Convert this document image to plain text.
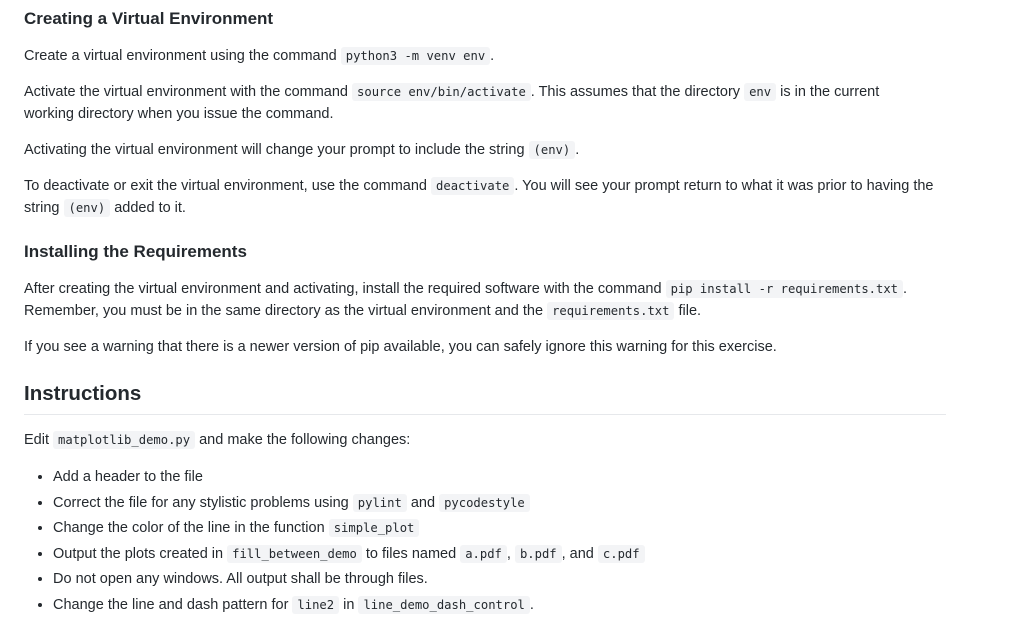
Creating a Virtual Environment

Create a virtual environment using the command python3 -m venv env .

Activate the virtual environment with the command source env/bin/activate . This assumes that the directory env is in the current working directory when you issue the command.

Activating the virtual environment will change your prompt to include the string (env) .

To deactivate or exit the virtual environment, use the command deactivate . You will see your prompt return to what it was prior to having the string (env) added to it.

Installing the Requirements

After creating the virtual environment and activating, install the required software with the command pip install -r requirements.txt . Remember, you must be in the same directory as the virtual environment and the requirements.txt file.

If you see a warning that there is a newer version of pip available, you can safely ignore this warning for this exercise.

Instructions

Edit matplotlib_demo.py and make the following changes:

• Add a header to the file
• Correct the file for any stylistic problems using pylint and pycodestyle
• Change the color of the line in the function simple_plot
• Output the plots created in fill_between_demo to files named a.pdf , b.pdf , and c.pdf
• Do not open any windows. All output shall be through files.
• Change the line and dash pattern for line2 in line_demo_dash_control .
